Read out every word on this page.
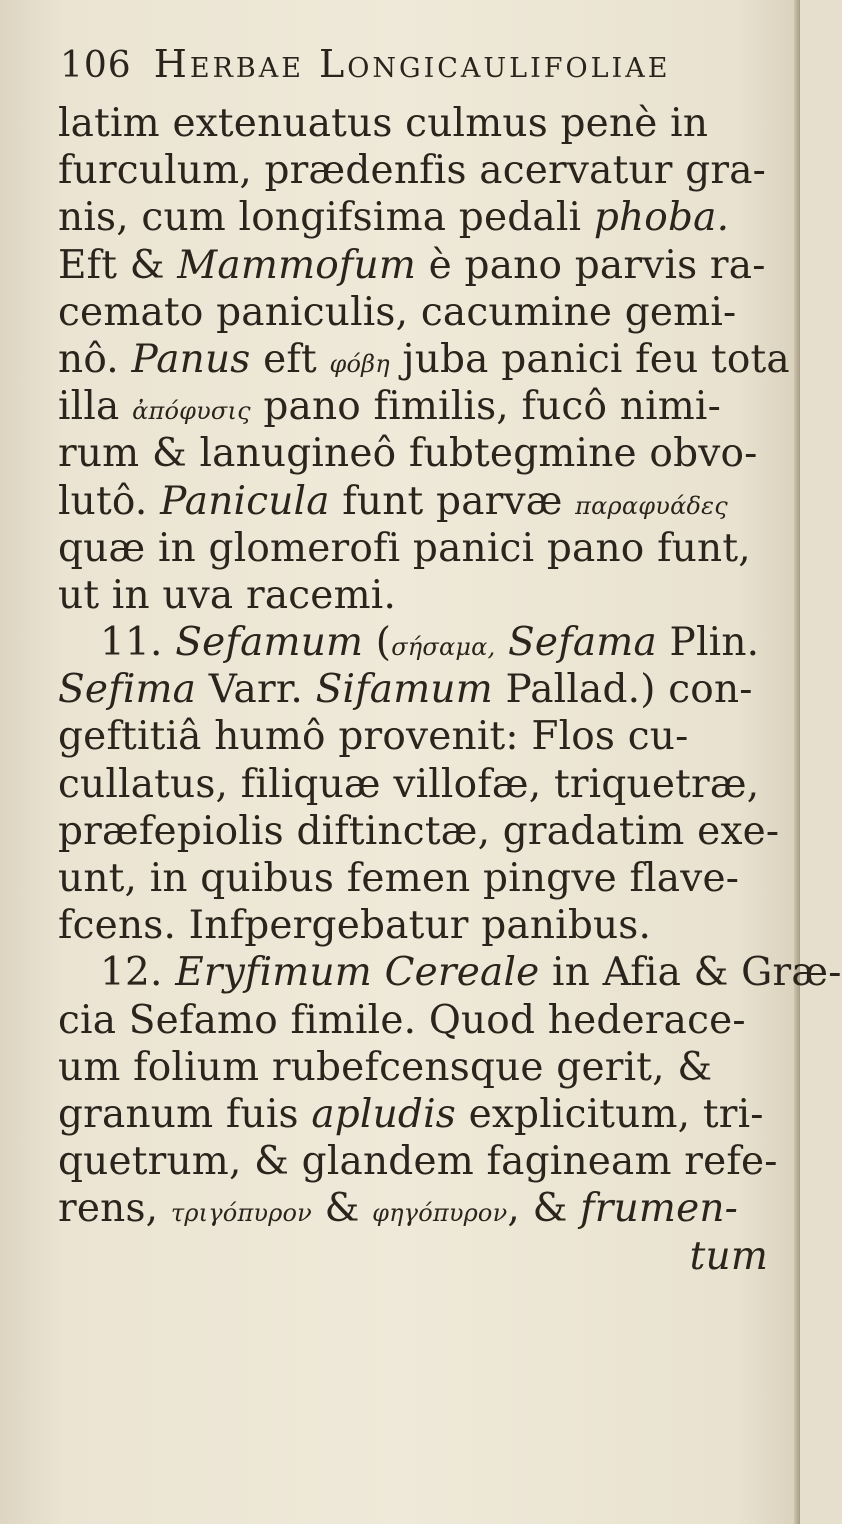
106 Herbae Longicaulifoliae
latim extenuatus culmus penè in
furculum, prædenfis acervatur gra-
nis, cum longifsima pedali phoba.
Eft & Mammofum è pano parvis ra-
cemato paniculis, cacumine gemi-
nô. Panus eft φόβη juba panici feu tota
illa ἀπόφυσις pano fimilis, fucô nimi-
rum & lanugineô fubtegmine obvo-
lutô. Panicula funt parvæ παραφυάδες
quæ in glomerofi panici pano funt,
ut in uva racemi.
11. Sefamum (σήσαμα, Sefama Plin.
Sefima Varr. Sifamum Pallad.) con-
geftitiâ humô provenit: Flos cu-
cullatus, filiquæ villofæ, triquetræ,
præfepiolis diftinctæ, gradatim exe-
unt, in quibus femen pingve flave-
fcens. Infpergebatur panibus.
12. Eryfimum Cereale in Afia & Græ-
cia Sefamo fimile. Quod hederace-
um folium rubefcensque gerit, &
granum fuis apludis explicitum, tri-
quetrum, & glandem fagineam refe-
rens, τριγόπυρον & φηγόπυρον, & frumen-
tum
